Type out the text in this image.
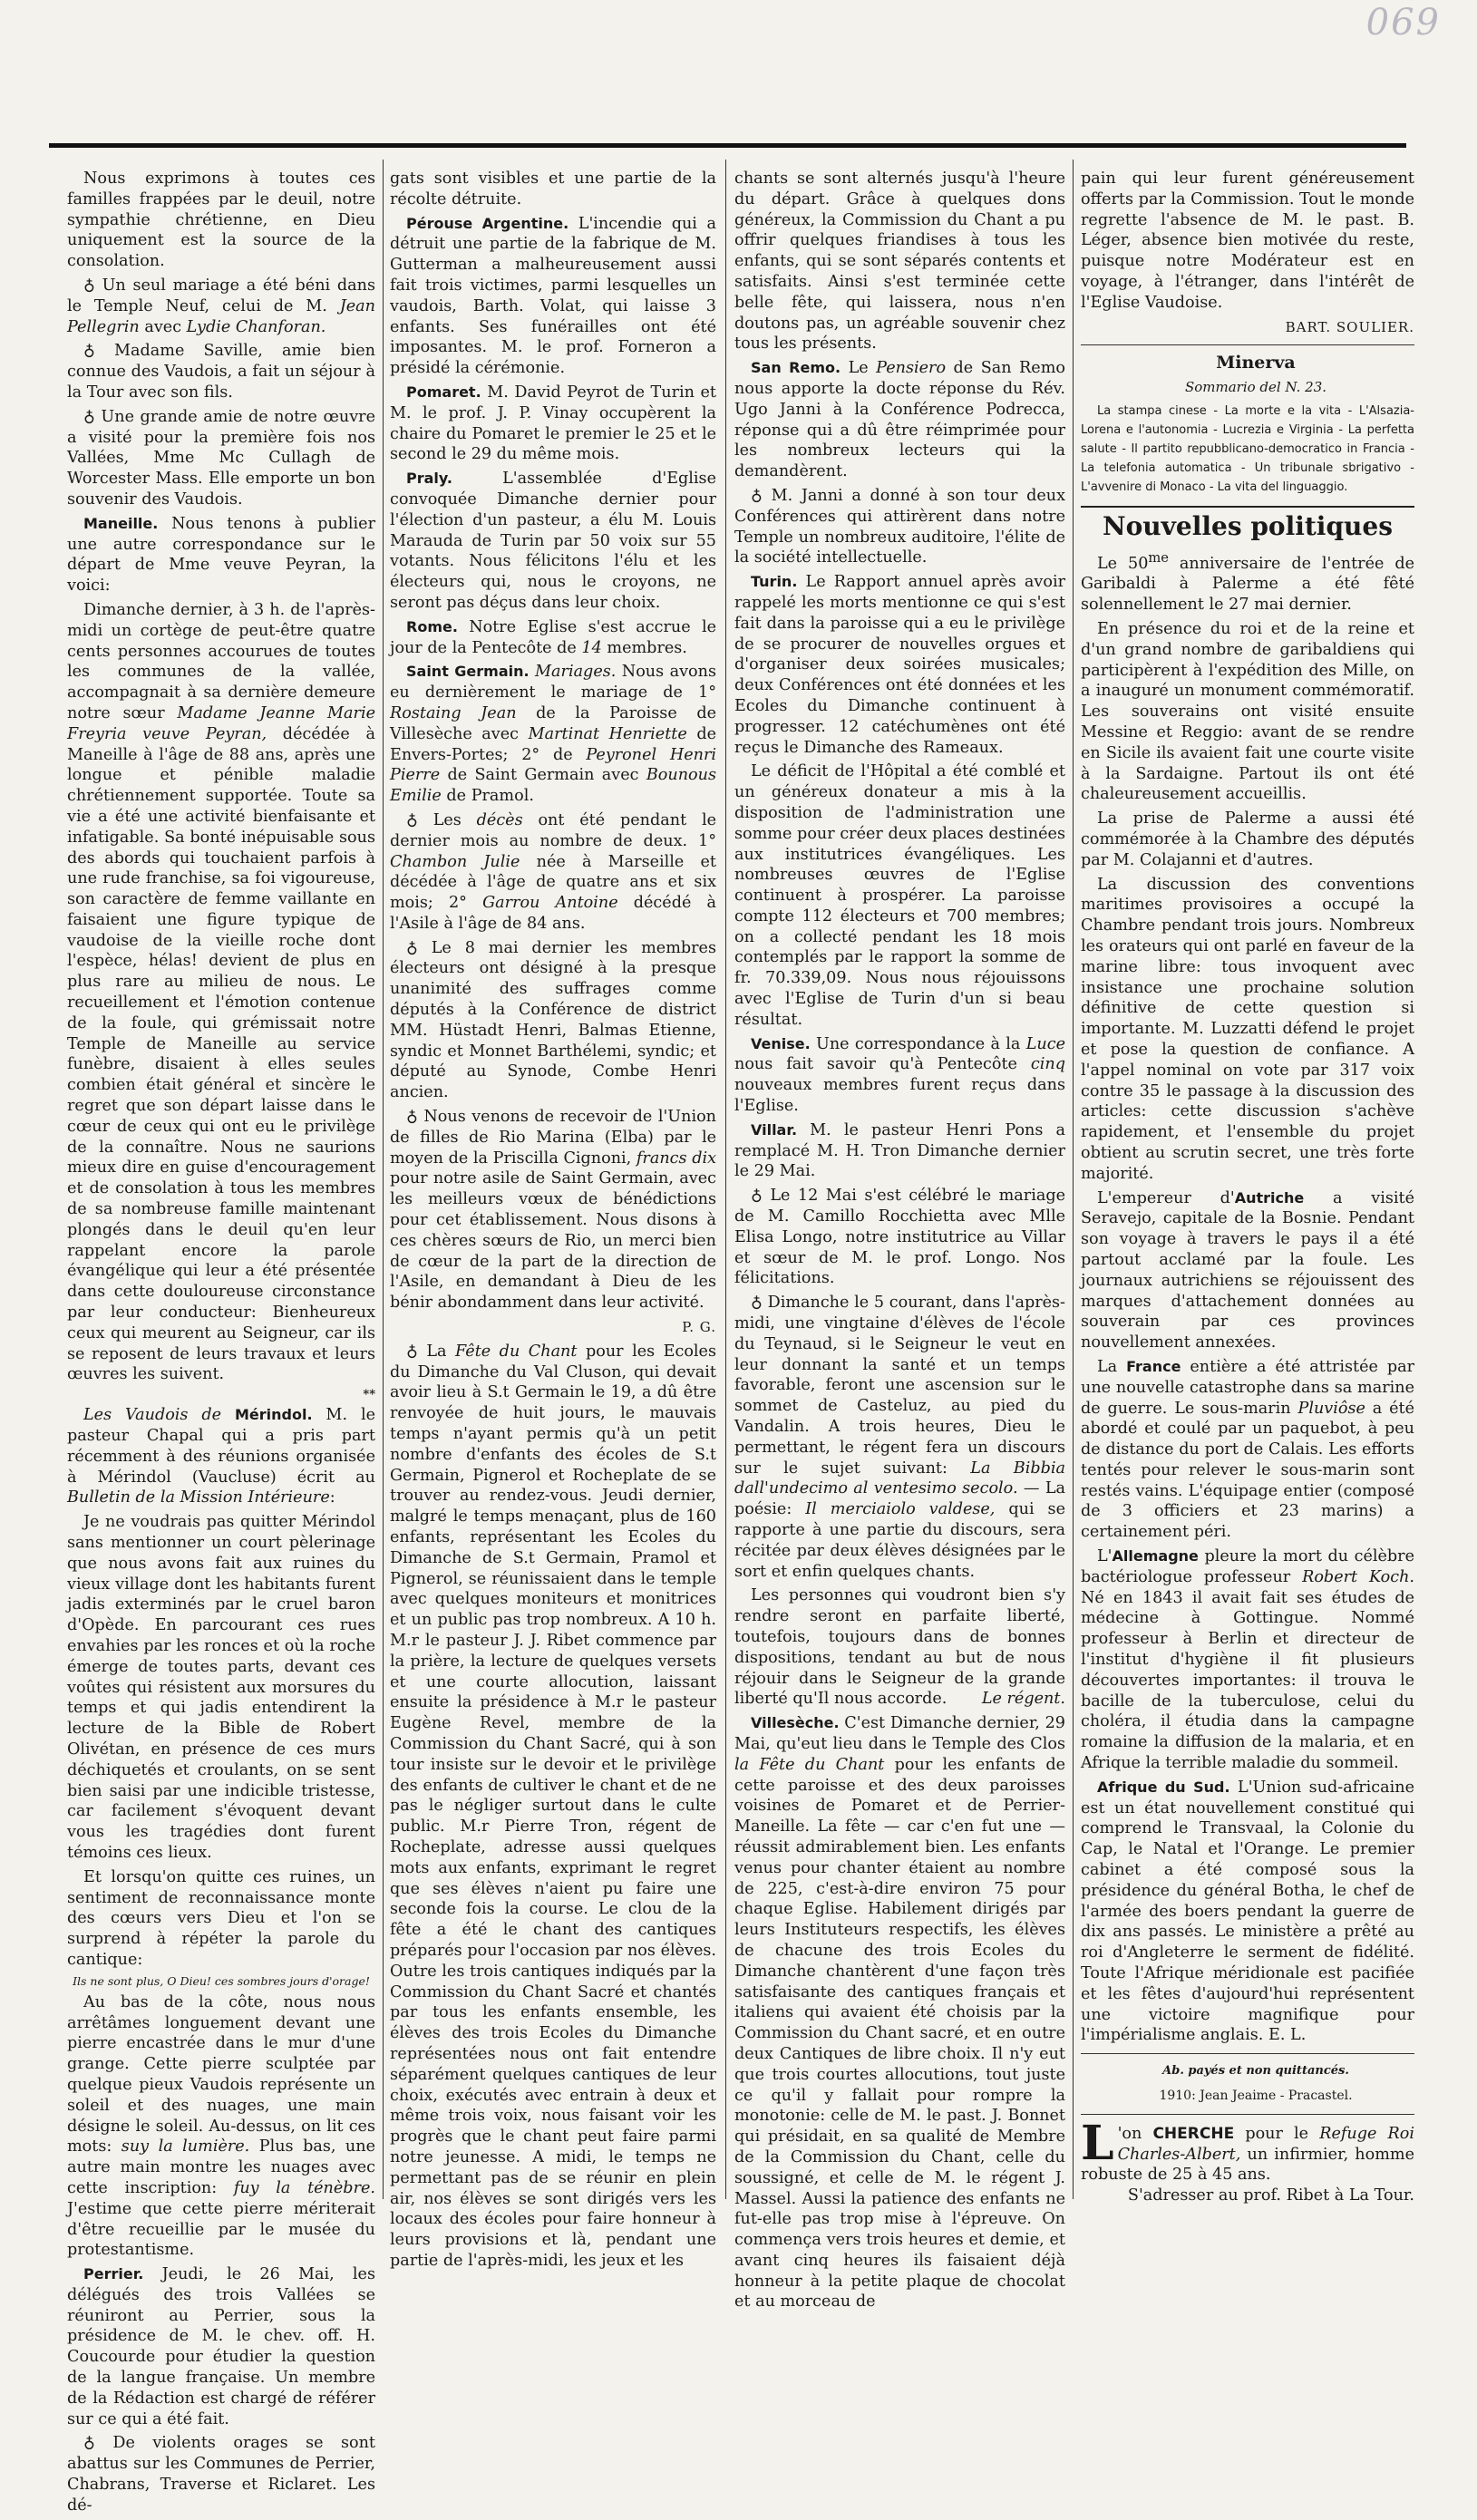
069

Nous exprimons à toutes ces familles frappées par le deuil, notre sympathie chrétienne, en Dieu uniquement est la source de la consolation.

♁ Un seul mariage a été béni dans le Temple Neuf, celui de M. Jean Pellegrin avec Lydie Chanforan.

♁ Madame Saville, amie bien connue des Vaudois, a fait un séjour à la Tour avec son fils.

♁ Une grande amie de notre œuvre a visité pour la première fois nos Vallées, Mme Mc Cullagh de Worcester Mass. Elle emporte un bon souvenir des Vaudois.

Maneille. Nous tenons à publier une autre correspondance sur le départ de Mme veuve Peyran, la voici:

Dimanche dernier, à 3 h. de l'après-midi un cortège de peut-être quatre cents personnes accourues de toutes les communes de la vallée, accompagnait à sa dernière demeure notre sœur Madame Jeanne Marie Freyria veuve Peyran, décédée à Maneille à l'âge de 88 ans, après une longue et pénible maladie chrétiennement supportée. Toute sa vie a été une activité bienfaisante et infatigable. Sa bonté inépuisable sous des abords qui touchaient parfois à une rude franchise, sa foi vigoureuse, son caractère de femme vaillante en faisaient une figure typique de vaudoise de la vieille roche dont l'espèce, hélas! devient de plus en plus rare au milieu de nous. Le recueillement et l'émotion contenue de la foule, qui grémissait notre Temple de Maneille au service funèbre, disaient à elles seules combien était général et sincère le regret que son départ laisse dans le cœur de ceux qui ont eu le privilège de la connaître. Nous ne saurions mieux dire en guise d'encouragement et de consolation à tous les membres de sa nombreuse famille maintenant plongés dans le deuil qu'en leur rappelant encore la parole évangélique qui leur a été présentée dans cette douloureuse circonstance par leur conducteur: Bienheureux ceux qui meurent au Seigneur, car ils se reposent de leurs travaux et leurs œuvres les suivent.

**

Les Vaudois de Mérindol. M. le pasteur Chapal qui a pris part récemment à des réunions organisée à Mérindol (Vaucluse) écrit au Bulletin de la Mission Intérieure:

Je ne voudrais pas quitter Mérindol sans mentionner un court pèlerinage que nous avons fait aux ruines du vieux village dont les habitants furent jadis exterminés par le cruel baron d'Opède. En parcourant ces rues envahies par les ronces et où la roche émerge de toutes parts, devant ces voûtes qui résistent aux morsures du temps et qui jadis entendirent la lecture de la Bible de Robert Olivétan, en présence de ces murs déchiquetés et croulants, on se sent bien saisi par une indicible tristesse, car facilement s'évoquent devant vous les tragédies dont furent témoins ces lieux.

Et lorsqu'on quitte ces ruines, un sentiment de reconnaissance monte des cœurs vers Dieu et l'on se surprend à répéter la parole du cantique:

Ils ne sont plus, O Dieu! ces sombres jours d'orage!

Au bas de la côte, nous nous arrêtâmes longuement devant une pierre encastrée dans le mur d'une grange. Cette pierre sculptée par quelque pieux Vaudois représente un soleil et des nuages, une main désigne le soleil. Au-dessus, on lit ces mots: suy la lumière. Plus bas, une autre main montre les nuages avec cette inscription: fuy la ténèbre. J'estime que cette pierre mériterait d'être recueillie par le musée du protestantisme.

Perrier. Jeudi, le 26 Mai, les délégués des trois Vallées se réuniront au Perrier, sous la présidence de M. le chev. off. H. Coucourde pour étudier la question de la langue française. Un membre de la Rédaction est chargé de référer sur ce qui a été fait.

♁ De violents orages se sont abattus sur les Communes de Perrier, Chabrans, Traverse et Riclaret. Les dé-

gats sont visibles et une partie de la récolte détruite.

Pérouse Argentine. L'incendie qui a détruit une partie de la fabrique de M. Gutterman a malheureusement aussi fait trois victimes, parmi lesquelles un vaudois, Barth. Volat, qui laisse 3 enfants. Ses funérailles ont été imposantes. M. le prof. Forneron a présidé la cérémonie.

Pomaret. M. David Peyrot de Turin et M. le prof. J. P. Vinay occupèrent la chaire du Pomaret le premier le 25 et le second le 29 du même mois.

Praly. L'assemblée d'Eglise convoquée Dimanche dernier pour l'élection d'un pasteur, a élu M. Louis Marauda de Turin par 50 voix sur 55 votants. Nous félicitons l'élu et les électeurs qui, nous le croyons, ne seront pas déçus dans leur choix.

Rome. Notre Eglise s'est accrue le jour de la Pentecôte de 14 membres.

Saint Germain. Mariages. Nous avons eu dernièrement le mariage de 1° Rostaing Jean de la Paroisse de Villesèche avec Martinat Henriette de Envers-Portes; 2° de Peyronel Henri Pierre de Saint Germain avec Bounous Emilie de Pramol.

♁ Les décès ont été pendant le dernier mois au nombre de deux. 1° Chambon Julie née à Marseille et décédée à l'âge de quatre ans et six mois; 2° Garrou Antoine décédé à l'Asile à l'âge de 84 ans.

♁ Le 8 mai dernier les membres électeurs ont désigné à la presque unanimité des suffrages comme députés à la Conférence de district MM. Hüstadt Henri, Balmas Etienne, syndic et Monnet Barthélemi, syndic; et député au Synode, Combe Henri ancien.

♁ Nous venons de recevoir de l'Union de filles de Rio Marina (Elba) par le moyen de la Priscilla Cignoni, francs dix pour notre asile de Saint Germain, avec les meilleurs vœux de bénédictions pour cet établissement. Nous disons à ces chères sœurs de Rio, un merci bien de cœur de la part de la direction de l'Asile, en demandant à Dieu de les bénir abondamment dans leur activité.

P. G.

♁ La Fête du Chant pour les Ecoles du Dimanche du Val Cluson, qui devait avoir lieu à S.t Germain le 19, a dû être renvoyée de huit jours, le mauvais temps n'ayant permis qu'à un petit nombre d'enfants des écoles de S.t Germain, Pignerol et Rocheplate de se trouver au rendez-vous. Jeudi dernier, malgré le temps menaçant, plus de 160 enfants, représentant les Ecoles du Dimanche de S.t Germain, Pramol et Pignerol, se réunissaient dans le temple avec quelques moniteurs et monitrices et un public pas trop nombreux. A 10 h. M.r le pasteur J. J. Ribet commence par la prière, la lecture de quelques versets et une courte allocution, laissant ensuite la présidence à M.r le pasteur Eugène Revel, membre de la Commission du Chant Sacré, qui à son tour insiste sur le devoir et le privilège des enfants de cultiver le chant et de ne pas le négliger surtout dans le culte public. M.r Pierre Tron, régent de Rocheplate, adresse aussi quelques mots aux enfants, exprimant le regret que ses élèves n'aient pu faire une seconde fois la course. Le clou de la fête a été le chant des cantiques préparés pour l'occasion par nos élèves. Outre les trois cantiques indiqués par la Commission du Chant Sacré et chantés par tous les enfants ensemble, les élèves des trois Ecoles du Dimanche représentées nous ont fait entendre séparément quelques cantiques de leur choix, exécutés avec entrain à deux et même trois voix, nous faisant voir les progrès que le chant peut faire parmi notre jeunesse. A midi, le temps ne permettant pas de se réunir en plein air, nos élèves se sont dirigés vers les locaux des écoles pour faire honneur à leurs provisions et là, pendant une partie de l'après-midi, les jeux et les

chants se sont alternés jusqu'à l'heure du départ. Grâce à quelques dons généreux, la Commission du Chant a pu offrir quelques friandises à tous les enfants, qui se sont séparés contents et satisfaits. Ainsi s'est terminée cette belle fête, qui laissera, nous n'en doutons pas, un agréable souvenir chez tous les présents.

San Remo. Le Pensiero de San Remo nous apporte la docte réponse du Rév. Ugo Janni à la Conférence Podrecca, réponse qui a dû être réimprimée pour les nombreux lecteurs qui la demandèrent.

♁ M. Janni a donné à son tour deux Conférences qui attirèrent dans notre Temple un nombreux auditoire, l'élite de la société intellectuelle.

Turin. Le Rapport annuel après avoir rappelé les morts mentionne ce qui s'est fait dans la paroisse qui a eu le privilège de se procurer de nouvelles orgues et d'organiser deux soirées musicales; deux Conférences ont été données et les Ecoles du Dimanche continuent à progresser. 12 catéchumènes ont été reçus le Dimanche des Rameaux.

Le déficit de l'Hôpital a été comblé et un généreux donateur a mis à la disposition de l'administration une somme pour créer deux places destinées aux institutrices évangéliques. Les nombreuses œuvres de l'Eglise continuent à prospérer. La paroisse compte 112 électeurs et 700 membres; on a collecté pendant les 18 mois contemplés par le rapport la somme de fr. 70.339,09. Nous nous réjouissons avec l'Eglise de Turin d'un si beau résultat.

Venise. Une correspondance à la Luce nous fait savoir qu'à Pentecôte cinq nouveaux membres furent reçus dans l'Eglise.

Villar. M. le pasteur Henri Pons a remplacé M. H. Tron Dimanche dernier le 29 Mai.

♁ Le 12 Mai s'est célébré le mariage de M. Camillo Rocchietta avec Mlle Elisa Longo, notre institutrice au Villar et sœur de M. le prof. Longo. Nos félicitations.

♁ Dimanche le 5 courant, dans l'après-midi, une vingtaine d'élèves de l'école du Teynaud, si le Seigneur le veut en leur donnant la santé et un temps favorable, feront une ascension sur le sommet de Casteluz, au pied du Vandalin. A trois heures, Dieu le permettant, le régent fera un discours sur le sujet suivant: La Bibbia dall'undecimo al ventesimo secolo. — La poésie: Il merciaiolo valdese, qui se rapporte à une partie du discours, sera récitée par deux élèves désignées par le sort et enfin quelques chants.

Les personnes qui voudront bien s'y rendre seront en parfaite liberté, toutefois, toujours dans de bonnes dispositions, tendant au but de nous réjouir dans le Seigneur de la grande liberté qu'Il nous accorde.	Le régent.

Villesèche. C'est Dimanche dernier, 29 Mai, qu'eut lieu dans le Temple des Clos la Fête du Chant pour les enfants de cette paroisse et des deux paroisses voisines de Pomaret et de Perrier-Maneille. La fête — car c'en fut une — réussit admirablement bien. Les enfants venus pour chanter étaient au nombre de 225, c'est-à-dire environ 75 pour chaque Eglise. Habilement dirigés par leurs Instituteurs respectifs, les élèves de chacune des trois Ecoles du Dimanche chantèrent d'une façon très satisfaisante des cantiques français et italiens qui avaient été choisis par la Commission du Chant sacré, et en outre deux Cantiques de libre choix. Il n'y eut que trois courtes allocutions, tout juste ce qu'il y fallait pour rompre la monotonie: celle de M. le past. J. Bonnet qui présidait, en sa qualité de Membre de la Commission du Chant, celle du soussigné, et celle de M. le régent J. Massel. Aussi la patience des enfants ne fut-elle pas trop mise à l'épreuve. On commença vers trois heures et demie, et avant cinq heures ils faisaient déjà honneur à la petite plaque de chocolat et au morceau de

pain qui leur furent généreusement offerts par la Commission. Tout le monde regrette l'absence de M. le past. B. Léger, absence bien motivée du reste, puisque notre Modérateur est en voyage, à l'étranger, dans l'intérêt de l'Eglise Vaudoise.

BART. SOULIER.

Minerva

Sommario del N. 23.

La stampa cinese - La morte e la vita - L'Alsazia-Lorena e l'autonomia - Lucrezia e Virginia - La perfetta salute - Il partito repubblicano-democratico in Francia - La telefonia automatica - Un tribunale sbrigativo - L'avvenire di Monaco - La vita del linguaggio.

Nouvelles politiques

Le $50^{me}$ anniversaire de l'entrée de Garibaldi à Palerme a été fêté solennellement le 27 mai dernier.

En présence du roi et de la reine et d'un grand nombre de garibaldiens qui participèrent à l'expédition des Mille, on a inauguré un monument commémoratif. Les souverains ont visité ensuite Messine et Reggio: avant de se rendre en Sicile ils avaient fait une courte visite à la Sardaigne. Partout ils ont été chaleureusement accueillis.

La prise de Palerme a aussi été commémorée à la Chambre des députés par M. Colajanni et d'autres.

La discussion des conventions maritimes provisoires a occupé la Chambre pendant trois jours. Nombreux les orateurs qui ont parlé en faveur de la marine libre: tous invoquent avec insistance une prochaine solution définitive de cette question si importante. M. Luzzatti défend le projet et pose la question de confiance. A l'appel nominal on vote par 317 voix contre 35 le passage à la discussion des articles: cette discussion s'achève rapidement, et l'ensemble du projet obtient au scrutin secret, une très forte majorité.

L'empereur d'Autriche a visité Seravejo, capitale de la Bosnie. Pendant son voyage à travers le pays il a été partout acclamé par la foule. Les journaux autrichiens se réjouissent des marques d'attachement données au souverain par ces provinces nouvellement annexées.

La France entière a été attristée par une nouvelle catastrophe dans sa marine de guerre. Le sous-marin Pluviôse a été abordé et coulé par un paquebot, à peu de distance du port de Calais. Les efforts tentés pour relever le sous-marin sont restés vains. L'équipage entier (composé de 3 officiers et 23 marins) a certainement péri.

L'Allemagne pleure la mort du célèbre bactériologue professeur Robert Koch. Né en 1843 il avait fait ses études de médecine à Gottingue. Nommé professeur à Berlin et directeur de l'institut d'hygiène il fit plusieurs découvertes importantes: il trouva le bacille de la tuberculose, celui du choléra, il étudia dans la campagne romaine la diffusion de la malaria, et en Afrique la terrible maladie du sommeil.

Afrique du Sud. L'Union sud-africaine est un état nouvellement constitué qui comprend le Transvaal, la Colonie du Cap, le Natal et l'Orange. Le premier cabinet a été composé sous la présidence du général Botha, le chef de l'armée des boers pendant la guerre de dix ans passés. Le ministère a prêté au roi d'Angleterre le serment de fidélité. Toute l'Afrique méridionale est pacifiée et les fêtes d'aujourd'hui représentent une victoire magnifique pour l'impérialisme anglais. E. L.

Ab. payés et non quittancés.

1910: Jean Jeaime - Pracastel.

L 'on CHERCHE pour le Refuge Roi Charles-Albert, un infirmier, homme robuste de 25 à 45 ans.

S'adresser au prof. Ribet à La Tour.
